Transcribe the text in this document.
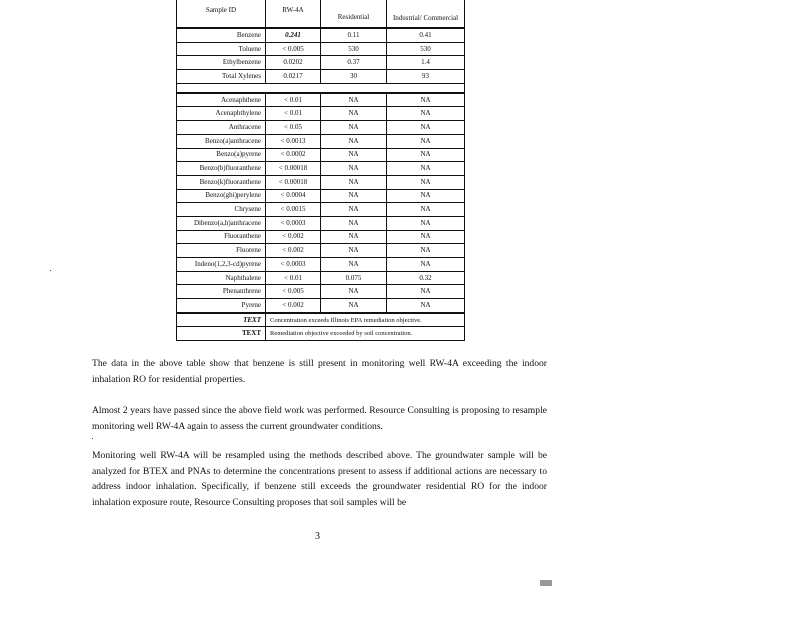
Sample ID	RW-4A	Residential	Industrial/ Commercial
Benzene	0.241	0.11	0.41
Toluene	< 0.005	530	530
Ethylbenzene	0.0202	0.37	1.4
Total Xylenes	0.0217	30	93

Acenaphthene	< 0.01	NA	NA
Acenaphthylene	< 0.01	NA	NA
Anthracene	< 0.05	NA	NA
Benzo(a)anthracene	< 0.0013	NA	NA
Benzo(a)pyrene	< 0.0002	NA	NA
Benzo(b)fluoranthene	< 0.00018	NA	NA
Benzo(k)fluoranthene	< 0.00018	NA	NA
Benzo(ghi)perylene	< 0.0004	NA	NA
Chrysene	< 0.0015	NA	NA
Dibenzo(a,h)anthracene	< 0.0003	NA	NA
Fluoranthene	< 0.002	NA	NA
Fluorene	< 0.002	NA	NA
Indeno(1,2,3-cd)pyrene	< 0.0003	NA	NA
Naphthalene	< 0.01	0.075	0.32
Phenanthrene	< 0.005	NA	NA
Pyrene	< 0.002	NA	NA
TEXT	Concentration exceeds Illinois EPA remediation objective.		
TEXT	Remediation objective exceeded by soil concentration.		

The data in the above table show that benzene is still present in monitoring well RW-4A exceeding the indoor inhalation RO for residential properties.

Almost 2 years have passed since the above field work was performed. Resource Consulting is proposing to resample monitoring well RW-4A again to assess the current groundwater conditions.

Monitoring well RW-4A will be resampled using the methods described above. The groundwater sample will be analyzed for BTEX and PNAs to determine the concentrations present to assess if additional actions are necessary to address indoor inhalation. Specifically, if benzene still exceeds the groundwater residential RO for the indoor inhalation exposure route, Resource Consulting proposes that soil samples will be

3
